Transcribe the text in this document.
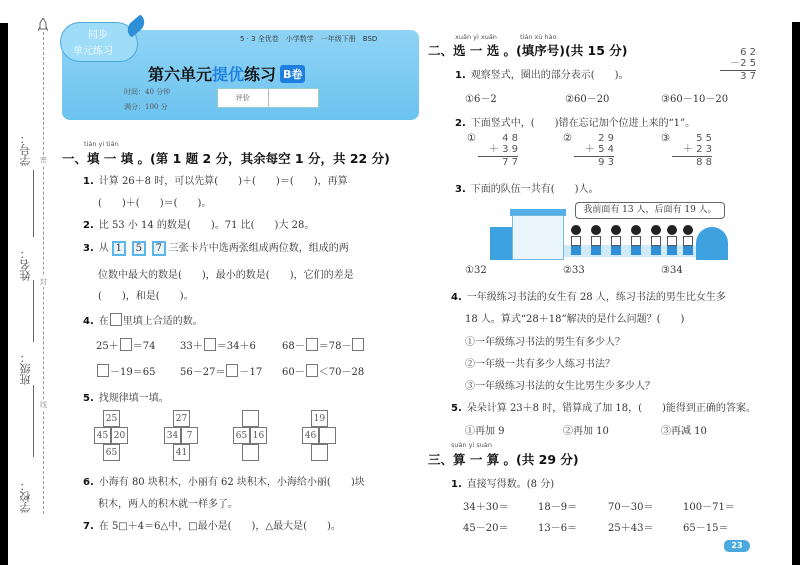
学号：
姓名：
班级：
学校：
密
封
线
同步
单元练习
5 · 3 全优卷　小学数学　一年级下册　BSD
第六单元提优练习 B卷
时间：40 分钟
满分：100 分
评价
tián yi tián
一、填 一 填 。(第 1 题 2 分，其余每空 1 分，共 22 分)
1. 计算 26＋8 时，可以先算(　　)＋(　　)＝(　　)，再算
(　　)＋(　　)＝(　　)。
2. 比 53 小 14 的数是(　　)。71 比(　　)大 28。
3. 从 1 5 7 三张卡片中选两张组成两位数，组成的两
位数中最大的数是(　　)，最小的数是(　　)，它们的差是
(　　)，和是(　　)。
4. 在 里填上合适的数。
25＋ ＝74 33＋ ＝34＋6	68－ ＝78－
－19＝65 56－27＝ －17 60－ ＜70－28
5. 找规律填一填。
25
45 20
65
27
34 7
41
65 16
19
46
6. 小海有 80 块积木，小丽有 62 块积木，小海给小丽(　　)块
积木，两人的积木就一样多了。
7. 在 5□＋4＝6△中，□最小是(　　)，△最大是(　　)。
xuǎn yi xuǎn	tián xù hào
二、选 一 选 。(填序号)(共 15 分)
1. 观察竖式，圈出的部分表示(　　)。
6 2
－2 5
3 7
①6－2	②60－20	③60－10－20
2. 下面竖式中，(　　)错在忘记加个位进上来的“1”。
①	4 8
＋ 3 9
7 7
②	2 9
＋ 5 4
9 3
③	5 5
＋ 2 3
8 8
3. 下面的队伍一共有(　　)人。
我前面有 13 人，后面有 19 人。
①32	②33	③34
4. 一年级练习书法的女生有 28 人，练习书法的男生比女生多
18 人。算式“28＋18”解决的是什么问题？(　　)
①一年级练习书法的男生有多少人？
②一年级一共有多少人练习书法？
③一年级练习书法的女生比男生少多少人？
5. 朵朵计算 23＋8 时，错算成了加 18，(　　)能得到正确的答案。
①再加 9	②再加 10	③再减 10
suàn yi suàn
三、算 一 算 。(共 29 分)
1. 直接写得数。(8 分)
34＋30＝	18－9＝	70－30＝	100－71＝
45－20＝	13－6＝	25＋43＝	65－15＝
23
